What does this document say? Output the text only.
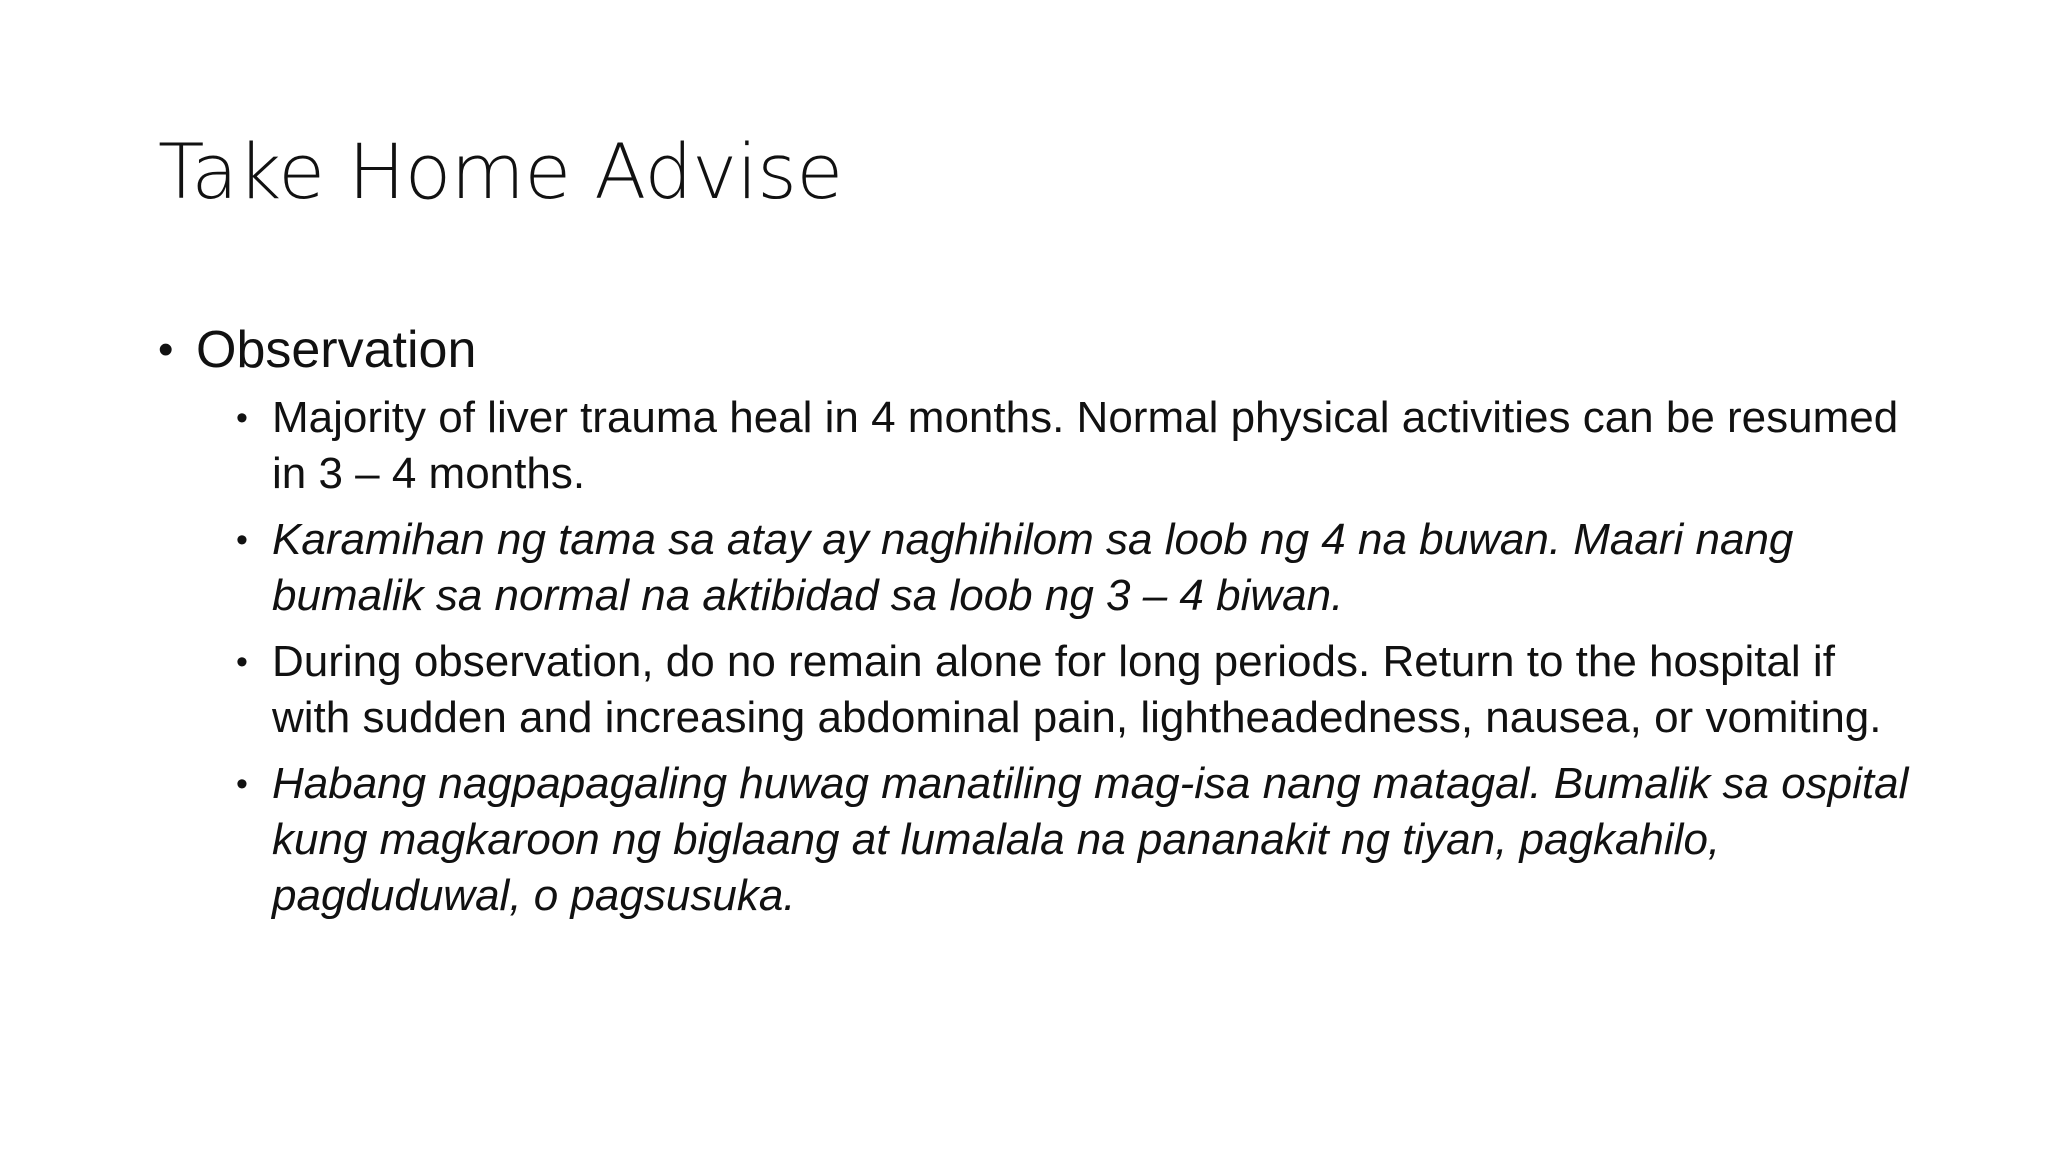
Take Home Advise
• Observation
• Majority of liver trauma heal in 4 months. Normal physical activities can be resumed in 3 – 4 months.
• Karamihan ng tama sa atay ay naghihilom sa loob ng 4 na buwan. Maari nang bumalik sa normal na aktibidad sa loob ng 3 – 4 biwan.
• During observation, do no remain alone for long periods. Return to the hospital if with sudden and increasing abdominal pain, lightheadedness, nausea, or vomiting.
• Habang nagpapagaling huwag manatiling mag-isa nang matagal. Bumalik sa ospital kung magkaroon ng biglaang at lumalala na pananakit ng tiyan, pagkahilo, pagduduwal, o pagsusuka.
